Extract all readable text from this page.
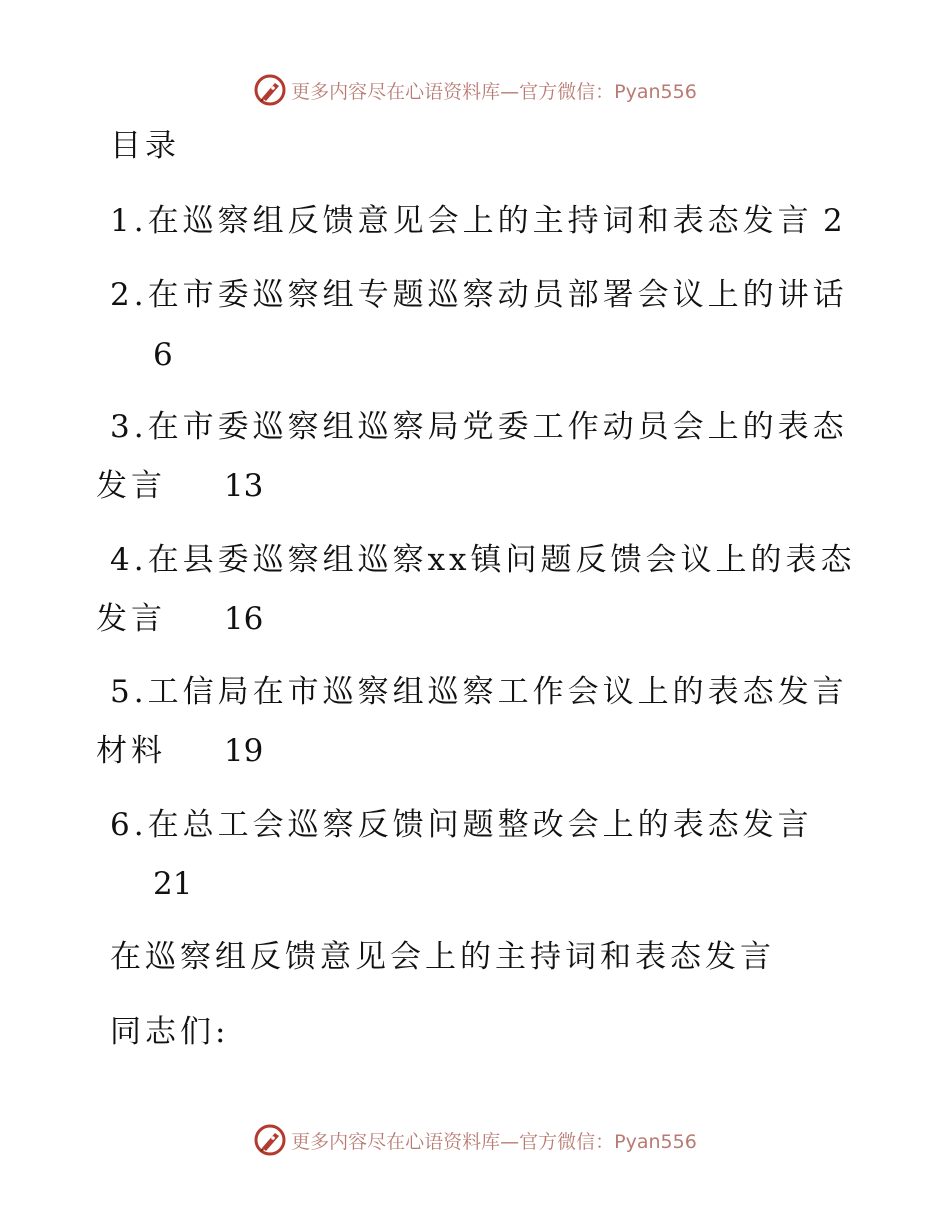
更多内容尽在心语资料库—官方微信：Pyan556
目录
1.在巡察组反馈意见会上的主持词和表态发言 2
2.在市委巡察组专题巡察动员部署会议上的讲话
6
3.在市委巡察组巡察局党委工作动员会上的表态
发言 13
4.在县委巡察组巡察xx镇问题反馈会议上的表态
发言 16
5.工信局在市巡察组巡察工作会议上的表态发言
材料 19
6.在总工会巡察反馈问题整改会上的表态发言
21
在巡察组反馈意见会上的主持词和表态发言
同志们:
更多内容尽在心语资料库—官方微信：Pyan556
